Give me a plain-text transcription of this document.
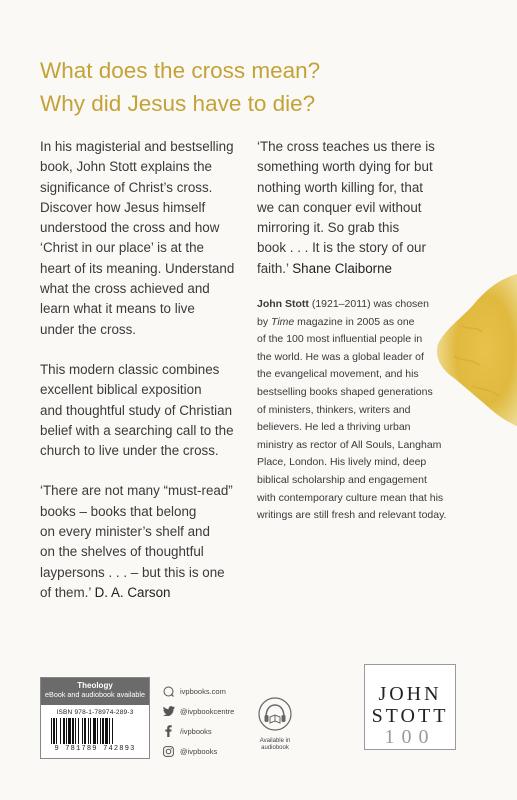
What does the cross mean?
Why did Jesus have to die?

In his magisterial and bestselling
book, John Stott explains the
significance of Christ’s cross.
Discover how Jesus himself
understood the cross and how
‘Christ in our place’ is at the
heart of its meaning. Understand
what the cross achieved and
learn what it means to live
under the cross.

This modern classic combines
excellent biblical exposition
and thoughtful study of Christian
belief with a searching call to the
church to live under the cross.

‘There are not many “must-read”
books – books that belong
on every minister’s shelf and
on the shelves of thoughtful
laypersons . . . – but this is one
of them.’ D. A. Carson

‘The cross teaches us there is
something worth dying for but
nothing worth killing for, that
we can conquer evil without
mirroring it. So grab this
book . . . It is the story of our
faith.’ Shane Claiborne

John Stott (1921–2011) was chosen
by Time magazine in 2005 as one
of the 100 most influential people in
the world. He was a global leader of
the evangelical movement, and his
bestselling books shaped generations
of ministers, thinkers, writers and
believers. He led a thriving urban
ministry as rector of All Souls, Langham
Place, London. His lively mind, deep
biblical scholarship and engagement
with contemporary culture mean that his
writings are still fresh and relevant today.
Theology
eBook and audiobook available
ISBN 978-1-78974-289-3
9 781789 742893
ivpbooks.com
@ivpbookcentre
/ivpbooks
@ivpbooks
Available in
audiobook
JOHN
STOTT
100
